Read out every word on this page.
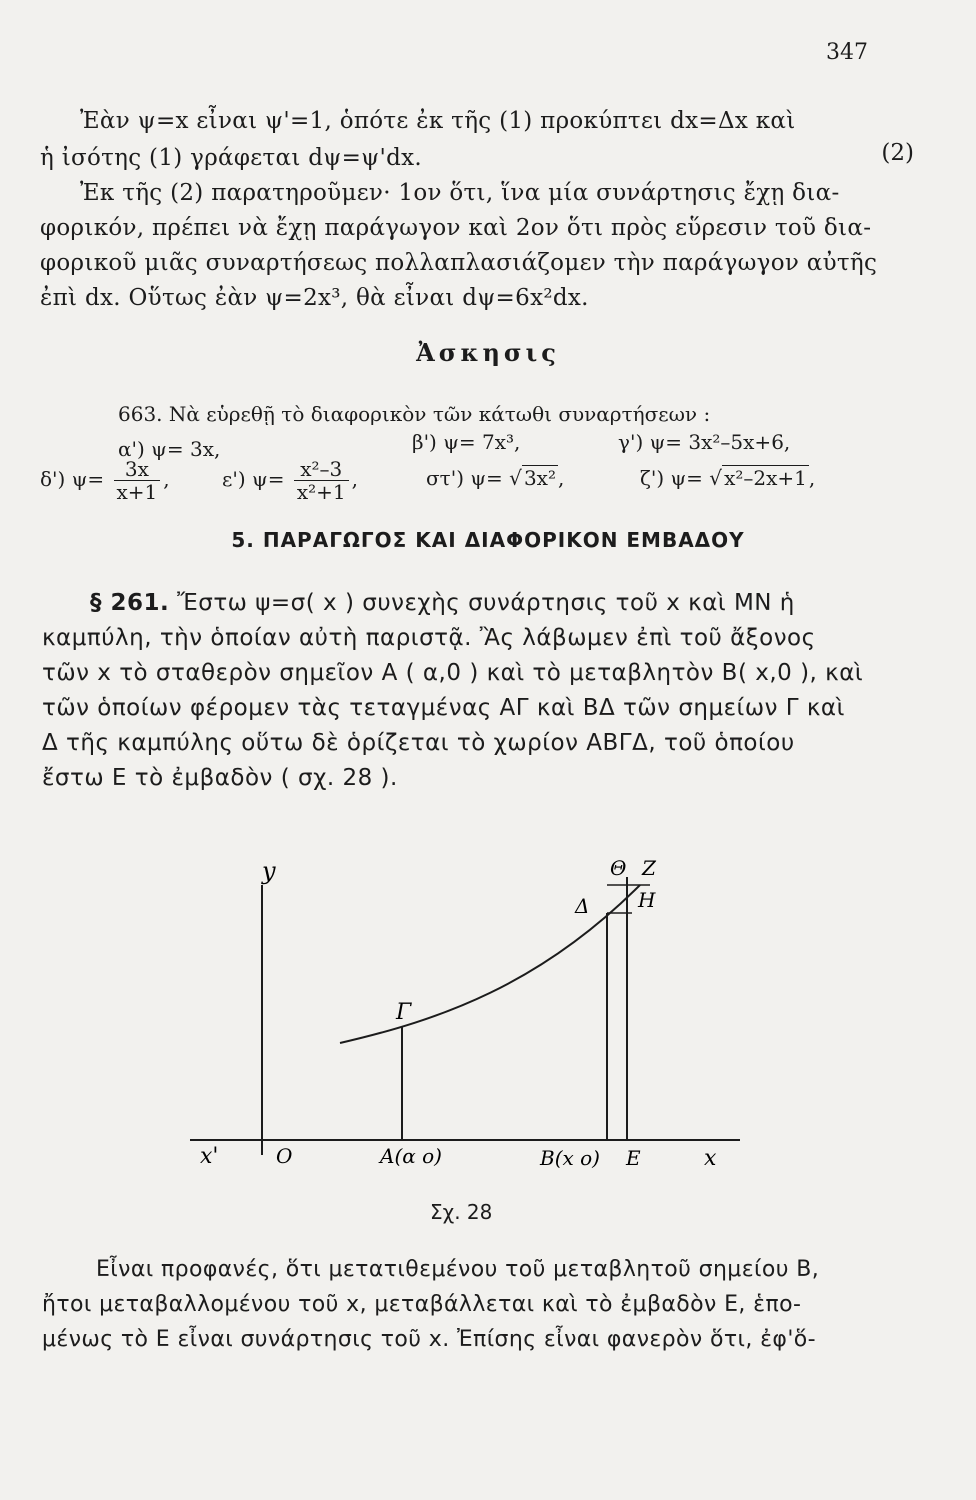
347
Ἐὰν ψ=x εἶναι ψ'=1, ὁπότε ἐκ τῆς (1) προκύπτει dx=Δx καὶ
ἡ ἰσότης (1) γράφεται dψ=ψ'dx.	(2)
Ἐκ τῆς (2) παρατηροῦμεν· 1ον ὅτι, ἵνα μία συνάρτησις ἔχῃ δια-
φορικόν, πρέπει νὰ ἔχῃ παράγωγον καὶ 2ον ὅτι πρὸς εὕρεσιν τοῦ δια-
φορικοῦ μιᾶς συναρτήσεως πολλαπλασιάζομεν τὴν παράγωγον αὐτῆς
ἐπὶ dx. Οὕτως ἐὰν ψ=2x³, θὰ εἶναι dψ=6x²dx.
Ἀσκησις
663. Νὰ εὑρεθῇ τὸ διαφορικὸν τῶν κάτωθι συναρτήσεων :
α') ψ= 3x,	β') ψ= 7x³,	γ') ψ= 3x²–5x+6,
δ') $\psi= \frac{3x}{x+1}$ ,	ε') $\psi= \frac{\text{x²–3}}{\text{x²+1}}$ ,	στ') ψ= √ 3x² ,	ζ') ψ= √ x²–2x+1 ,
5. ΠΑΡΑΓΩΓΟΣ ΚΑΙ ΔΙΑΦΟΡΙΚΟΝ ΕΜΒΑΔΟΥ
§ 261. Ἔστω ψ=σ( x ) συνεχὴς συνάρτησις τοῦ x καὶ ΜΝ ἡ
καμπύλη, τὴν ὁποίαν αὐτὴ παριστᾷ. Ἂς λάβωμεν ἐπὶ τοῦ ἄξονος
τῶν x τὸ σταθερὸν σημεῖον Α ( α,0 ) καὶ τὸ μεταβλητὸν Β( x,0 ), καὶ
τῶν ὁποίων φέρομεν τὰς τεταγμένας ΑΓ καὶ ΒΔ τῶν σημείων Γ καὶ
Δ τῆς καμπύλης οὕτω δὲ ὁρίζεται τὸ χωρίον ΑΒΓΔ, τοῦ ὁποίου
ἔστω Ε τὸ ἐμβαδὸν ( σχ. 28 ).
y	Θ Z
Δ H
Γ
x'	O	A(α o)	B(x o) E	x
Σχ. 28
Εἶναι προφανές, ὅτι μετατιθεμένου τοῦ μεταβλητοῦ σημείου Β,
ἤτοι μεταβαλλομένου τοῦ x, μεταβάλλεται καὶ τὸ ἐμβαδὸν Ε, ἑπο-
μένως τὸ Ε εἶναι συνάρτησις τοῦ x. Ἐπίσης εἶναι φανερὸν ὅτι, ἐφ'ὅ-
